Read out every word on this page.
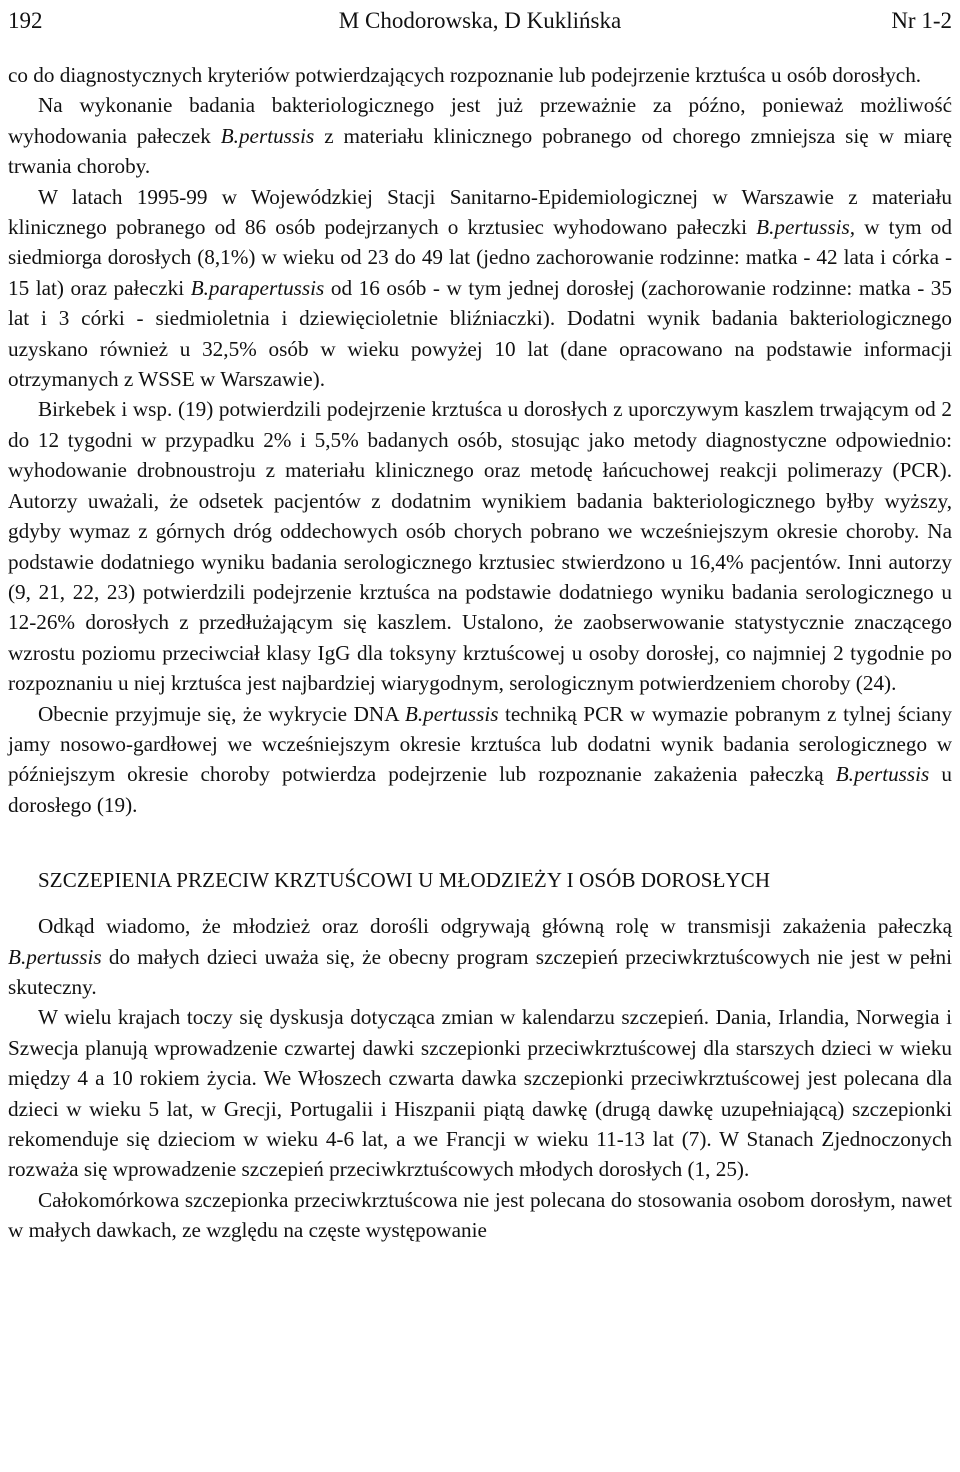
192	M Chodorowska, D Kuklińska	Nr 1-2

co do diagnostycznych kryteriów potwierdzających rozpoznanie lub podejrzenie krztuśca u osób dorosłych.

Na wykonanie badania bakteriologicznego jest już przeważnie za późno, ponieważ możliwość wyhodowania pałeczek B.pertussis z materiału klinicznego pobranego od chorego zmniejsza się w miarę trwania choroby.

W latach 1995-99 w Wojewódzkiej Stacji Sanitarno-Epidemiologicznej w Warszawie z materiału klinicznego pobranego od 86 osób podejrzanych o krztusiec wyhodowano pałeczki B.pertussis, w tym od siedmiorga dorosłych (8,1%) w wieku od 23 do 49 lat (jedno zachorowanie rodzinne: matka - 42 lata i córka - 15 lat) oraz pałeczki B.parapertussis od 16 osób - w tym jednej dorosłej (zachorowanie rodzinne: matka - 35 lat i 3 córki - siedmioletnia i dziewięcioletnie bliźniaczki). Dodatni wynik badania bakteriologicznego uzyskano również u 32,5% osób w wieku powyżej 10 lat (dane opracowano na podstawie informacji otrzymanych z WSSE w Warszawie).

Birkebek i wsp. (19) potwierdzili podejrzenie krztuśca u dorosłych z uporczywym kaszlem trwającym od 2 do 12 tygodni w przypadku 2% i 5,5% badanych osób, stosując jako metody diagnostyczne odpowiednio: wyhodowanie drobnoustroju z materiału klinicznego oraz metodę łańcuchowej reakcji polimerazy (PCR). Autorzy uważali, że odsetek pacjentów z dodatnim wynikiem badania bakteriologicznego byłby wyższy, gdyby wymaz z górnych dróg oddechowych osób chorych pobrano we wcześniejszym okresie choroby. Na podstawie dodatniego wyniku badania serologicznego krztusiec stwierdzono u 16,4% pacjentów. Inni autorzy (9, 21, 22, 23) potwierdzili podejrzenie krztuśca na podstawie dodatniego wyniku badania serologicznego u 12-26% dorosłych z przedłużającym się kaszlem. Ustalono, że zaobserwowanie statystycznie znaczącego wzrostu poziomu przeciwciał klasy IgG dla toksyny krztuścowej u osoby dorosłej, co najmniej 2 tygodnie po rozpoznaniu u niej krztuśca jest najbardziej wiarygodnym, serologicznym potwierdzeniem choroby (24).

Obecnie przyjmuje się, że wykrycie DNA B.pertussis techniką PCR w wymazie pobranym z tylnej ściany jamy nosowo-gardłowej we wcześniejszym okresie krztuśca lub dodatni wynik badania serologicznego w późniejszym okresie choroby potwierdza podejrzenie lub rozpoznanie zakażenia pałeczką B.pertussis u dorosłego (19).

SZCZEPIENIA PRZECIW KRZTUŚCOWI U MŁODZIEŻY I OSÓB DOROSŁYCH

Odkąd wiadomo, że młodzież oraz dorośli odgrywają główną rolę w transmisji zakażenia pałeczką B.pertussis do małych dzieci uważa się, że obecny program szczepień przeciwkrztuścowych nie jest w pełni skuteczny.

W wielu krajach toczy się dyskusja dotycząca zmian w kalendarzu szczepień. Dania, Irlandia, Norwegia i Szwecja planują wprowadzenie czwartej dawki szczepionki przeciwkrztuścowej dla starszych dzieci w wieku między 4 a 10 rokiem życia. We Włoszech czwarta dawka szczepionki przeciwkrztuścowej jest polecana dla dzieci w wieku 5 lat, w Grecji, Portugalii i Hiszpanii piątą dawkę (drugą dawkę uzupełniającą) szczepionki rekomenduje się dzieciom w wieku 4-6 lat, a we Francji w wieku 11-13 lat (7). W Stanach Zjednoczonych rozważa się wprowadzenie szczepień przeciwkrztuścowych młodych dorosłych (1, 25).

Całokomórkowa szczepionka przeciwkrztuścowa nie jest polecana do stosowania osobom dorosłym, nawet w małych dawkach, ze względu na częste występowanie
